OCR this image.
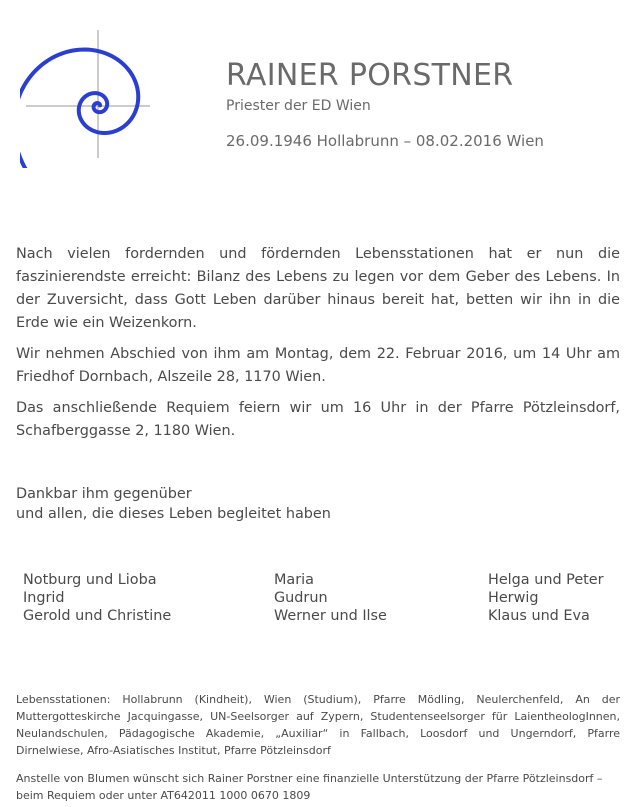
RAINER PORSTNER
Priester der ED Wien
26.09.1946 Hollabrunn – 08.02.2016 Wien

Nach vielen fordernden und fördernden Lebensstationen hat er nun die faszinierendste erreicht: Bilanz des Lebens zu legen vor dem Geber des Lebens. In der Zuversicht, dass Gott Leben darüber hinaus bereit hat, betten wir ihn in die Erde wie ein Weizenkorn.

Wir nehmen Abschied von ihm am Montag, dem 22. Februar 2016, um 14 Uhr am Friedhof Dornbach, Alszeile 28, 1170 Wien.

Das anschließende Requiem feiern wir um 16 Uhr in der Pfarre Pötzleinsdorf, Schafberggasse 2, 1180 Wien.

Dankbar ihm gegenüber
und allen, die dieses Leben begleitet haben
Notburg und Lioba
Ingrid
Gerold und Christine
Maria
Gudrun
Werner und Ilse
Helga und Peter
Herwig
Klaus und Eva
Lebensstationen: Hollabrunn (Kindheit), Wien (Studium), Pfarre Mödling, Neulerchenfeld, An der Muttergotteskirche Jacquingasse, UN-Seelsorger auf Zypern, Studentenseelsorger für LaientheologInnen, Neulandschulen, Pädagogische Akademie, „Auxiliar“ in Fallbach, Loosdorf und Ungerndorf, Pfarre Dirnelwiese, Afro-Asiatisches Institut, Pfarre Pötzleinsdorf
Anstelle von Blumen wünscht sich Rainer Porstner eine finanzielle Unterstützung der Pfarre Pötzleinsdorf – beim Requiem oder unter AT642011 1000 0670 1809
